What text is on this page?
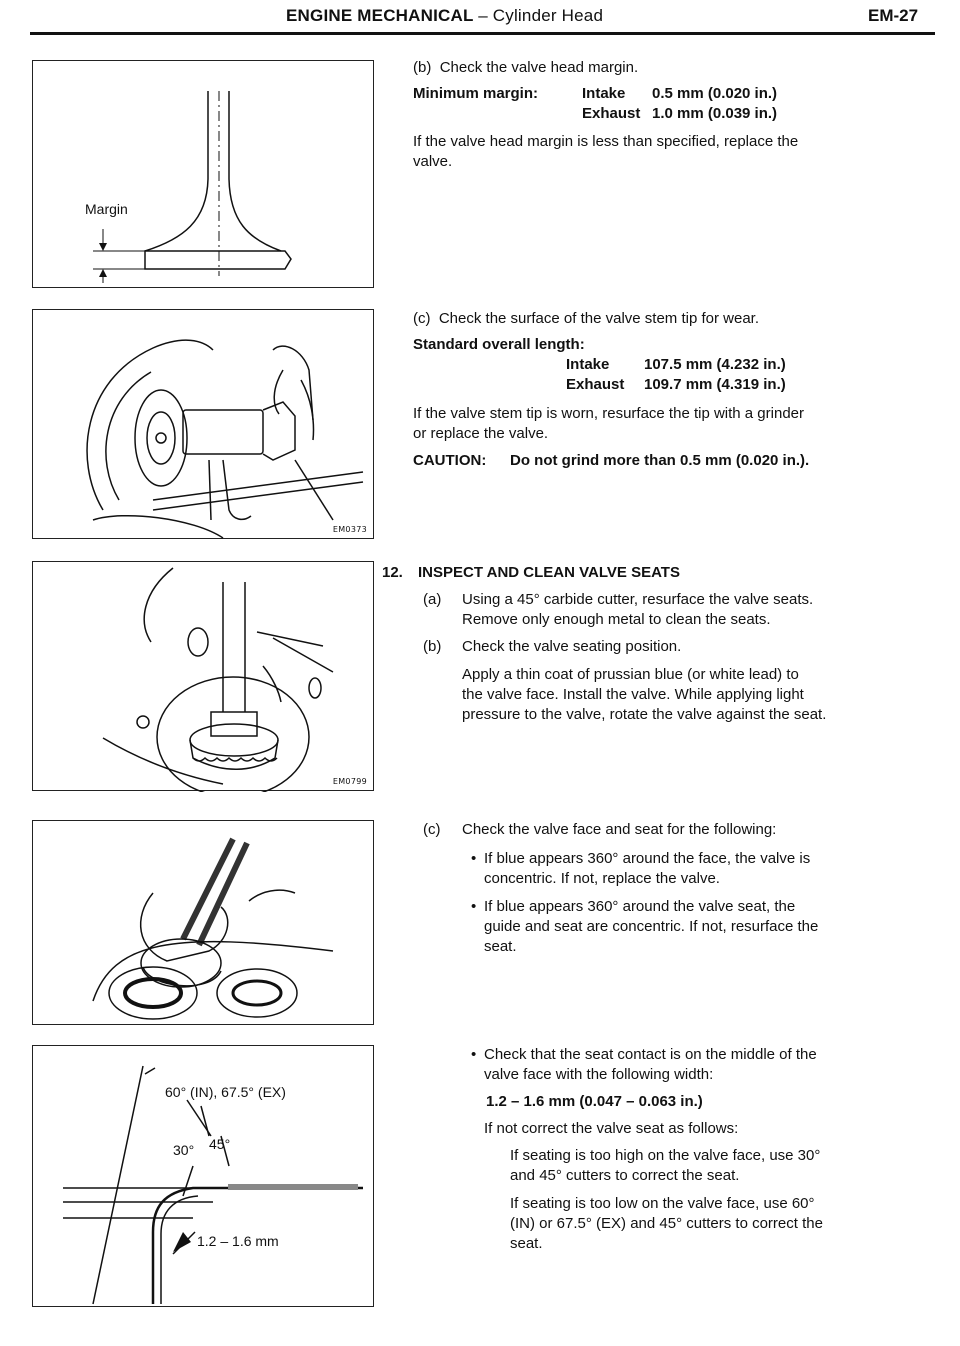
ENGINE MECHANICAL – Cylinder Head	EM-27
Margin
EM0373
EM0799
60° (IN), 67.5° (EX)
30° 45°
1.2 – 1.6 mm
(b) Check the valve head margin.
Minimum margin:	Intake 0.5 mm (0.020 in.)
Exhaust 1.0 mm (0.039 in.)
If the valve head margin is less than specified, replace the
valve.
(c) Check the surface of the valve stem tip for wear.
Standard overall length:
Intake 107.5 mm (4.232 in.)
Exhaust 109.7 mm (4.319 in.)
If the valve stem tip is worn, resurface the tip with a grinder
or replace the valve.
CAUTION: Do not grind more than 0.5 mm (0.020 in.).
12. INSPECT AND CLEAN VALVE SEATS
(a) Using a 45° carbide cutter, resurface the valve seats.
Remove only enough metal to clean the seats.
(b) Check the valve seating position.
Apply a thin coat of prussian blue (or white lead) to
the valve face. Install the valve. While applying light
pressure to the valve, rotate the valve against the seat.
(c) Check the valve face and seat for the following:
• If blue appears 360° around the face, the valve is
concentric. If not, replace the valve.
• If blue appears 360° around the valve seat, the
guide and seat are concentric. If not, resurface the
seat.
• Check that the seat contact is on the middle of the
valve face with the following width:
1.2 – 1.6 mm (0.047 – 0.063 in.)
If not correct the valve seat as follows:
If seating is too high on the valve face, use 30°
and 45° cutters to correct the seat.
If seating is too low on the valve face, use 60°
(IN) or 67.5° (EX) and 45° cutters to correct the
seat.
